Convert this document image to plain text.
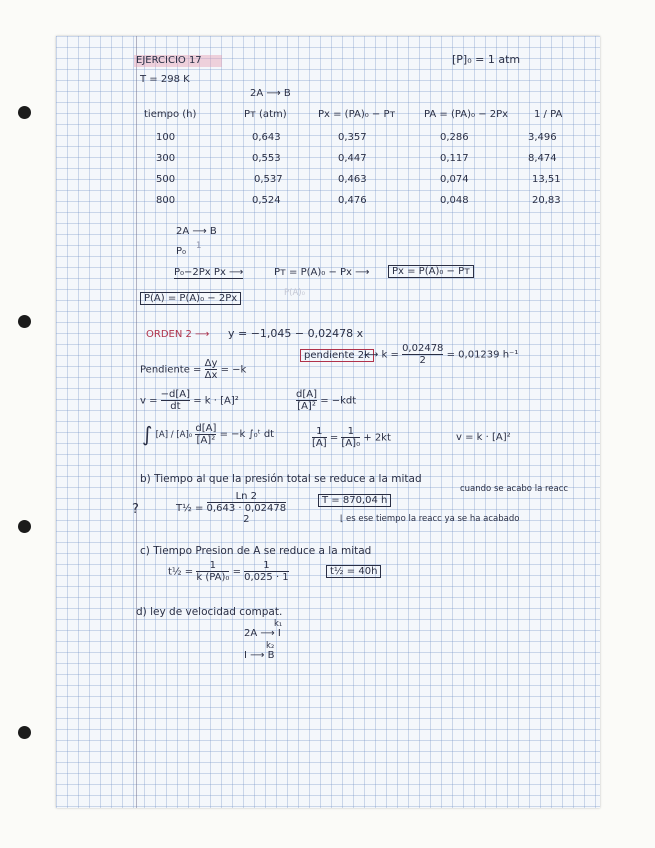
EJERCICIO 17	[P]₀ = 1 atm
T = 298 K
2A ⟶ B
tiempo (h)	Pᴛ (atm)	Px = (PA)₀ − Pᴛ	PA = (PA)₀ − 2Px	1 / PA
100	0,643	0,357	0,286	3,496
300	0,553	0,447	0,117	8,474
500	0,537	0,463	0,074	13,51
800	0,524	0,476	0,048	20,83
2A ⟶ B
P₀ 1
P₀−2Px Px ⟶	Pᴛ = P(A)₀ − Px ⟶	Px = P(A)₀ − Pᴛ
P(A)₀
P(A) = P(A)₀ − 2Px
ORDEN 2 ⟶ y = −1,045 − 0,02478 x
pendiente 2k
⟶ $k = \frac{0,02478}{2} = 0,01239$ h⁻¹
Pendiente = $\frac{\Delta y}{\Delta x} = -k$
$v = \frac{-d[A]}{dt} = k \cdot [A]^2$	$\frac{d[A]}{\text{[A]²}} = -kdt$
∫ $[A] / [A]_0 \frac{d[A]}{\text{[A]²}} = -k$ ∫₀ᵗ dt	$\frac{1}{[A]} = \frac{1}{\text{[A]₀}} + 2kt$	v = k · [A]²
b) Tiempo al que la presión total se reduce a la mitad
cuando se acabo la reacc
?	T½ =
Ln 2
0,643 · 0,02478
2
T = 870,04 h
⌊ es ese tiempo la reacc ya se ha acabado
c) Tiempo Presion de A se reduce a la mitad
t½ = $\frac{1}{\text{k (PA)₀}} = \frac{1}{0,025 \cdot 1}$	t½ = 40h
d) ley de velocidad compat.
2A ⟶ I
k₁
I ⟶ B
k₂
